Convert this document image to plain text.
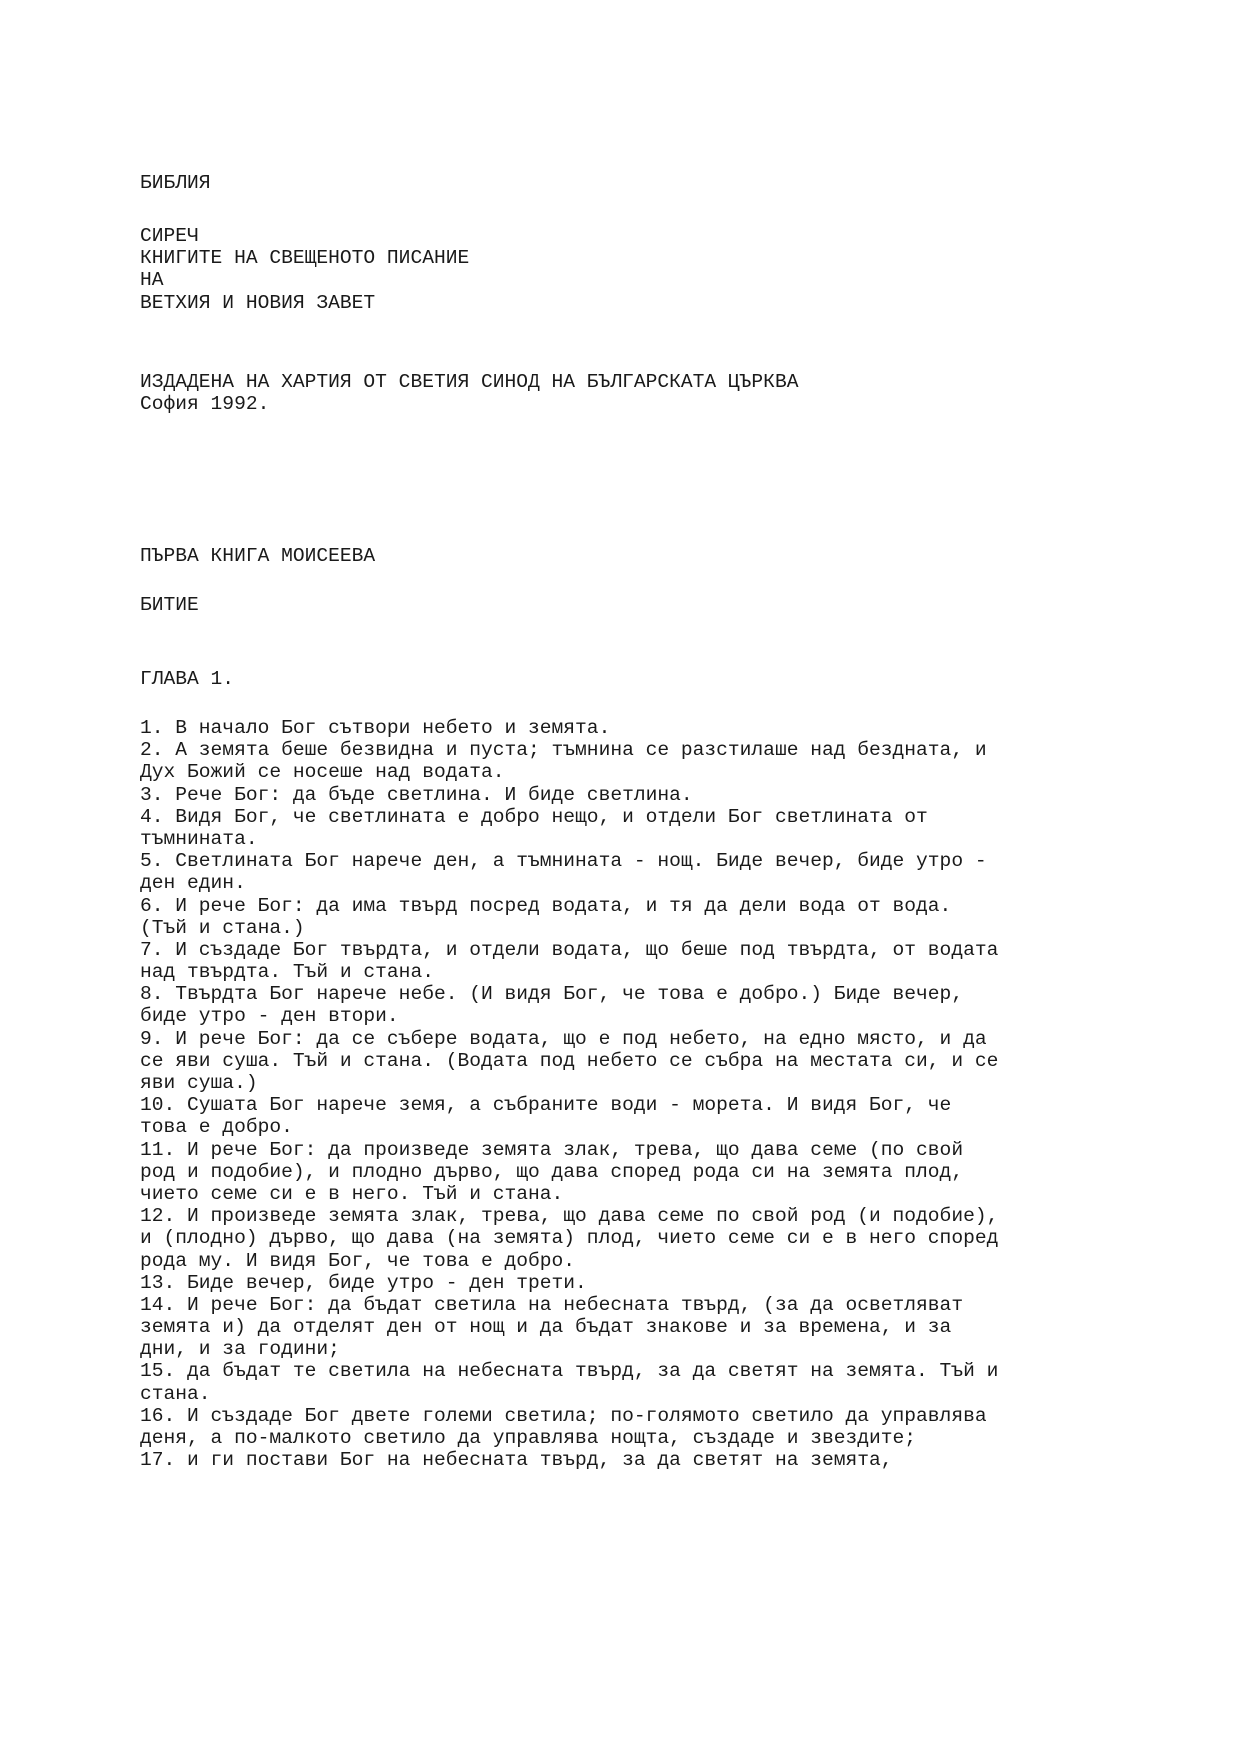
БИБЛИЯ
СИРЕЧ
КНИГИТЕ НА СВЕЩЕНОТО ПИСАНИЕ
НА
ВЕТХИЯ И НОВИЯ ЗАВЕТ
ИЗДАДЕНА НА ХАРТИЯ ОТ СВЕТИЯ СИНОД НА БЪЛГАРСКАТА ЦЪРКВА
София 1992.
ПЪРВА КНИГА МОИСЕЕВА
БИТИЕ
ГЛАВА 1.
1. В начало Бог сътвори небето и земята.
2. А земята беше безвидна и пуста; тъмнина се разстилаше над бездната, и
Дух Божий се носеше над водата.
3. Рече Бог: да бъде светлина. И биде светлина.
4. Видя Бог, че светлината е добро нещо, и отдели Бог светлината от
тъмнината.
5. Светлината Бог нарече ден, а тъмнината - нощ. Биде вечер, биде утро -
ден един.
6. И рече Бог: да има твърд посред водата, и тя да дели вода от вода.
(Тъй и стана.)
7. И създаде Бог твърдта, и отдели водата, що беше под твърдта, от водата
над твърдта. Тъй и стана.
8. Твърдта Бог нарече небе. (И видя Бог, че това е добро.) Биде вечер,
биде утро - ден втори.
9. И рече Бог: да се събере водата, що е под небето, на едно място, и да
се яви суша. Тъй и стана. (Водата под небето се събра на местата си, и се
яви суша.)
10. Сушата Бог нарече земя, а събраните води - морета. И видя Бог, че
това е добро.
11. И рече Бог: да произведе земята злак, трева, що дава семе (по свой
род и подобие), и плодно дърво, що дава според рода си на земята плод,
чието семе си е в него. Тъй и стана.
12. И произведе земята злак, трева, що дава семе по свой род (и подобие),
и (плодно) дърво, що дава (на земята) плод, чието семе си е в него според
рода му. И видя Бог, че това е добро.
13. Биде вечер, биде утро - ден трети.
14. И рече Бог: да бъдат светила на небесната твърд, (за да осветляват
земята и) да отделят ден от нощ и да бъдат знакове и за времена, и за
дни, и за години;
15. да бъдат те светила на небесната твърд, за да светят на земята. Тъй и
стана.
16. И създаде Бог двете големи светила; по-голямото светило да управлява
деня, а по-малкото светило да управлява нощта, създаде и звездите;
17. и ги постави Бог на небесната твърд, за да светят на земята,
